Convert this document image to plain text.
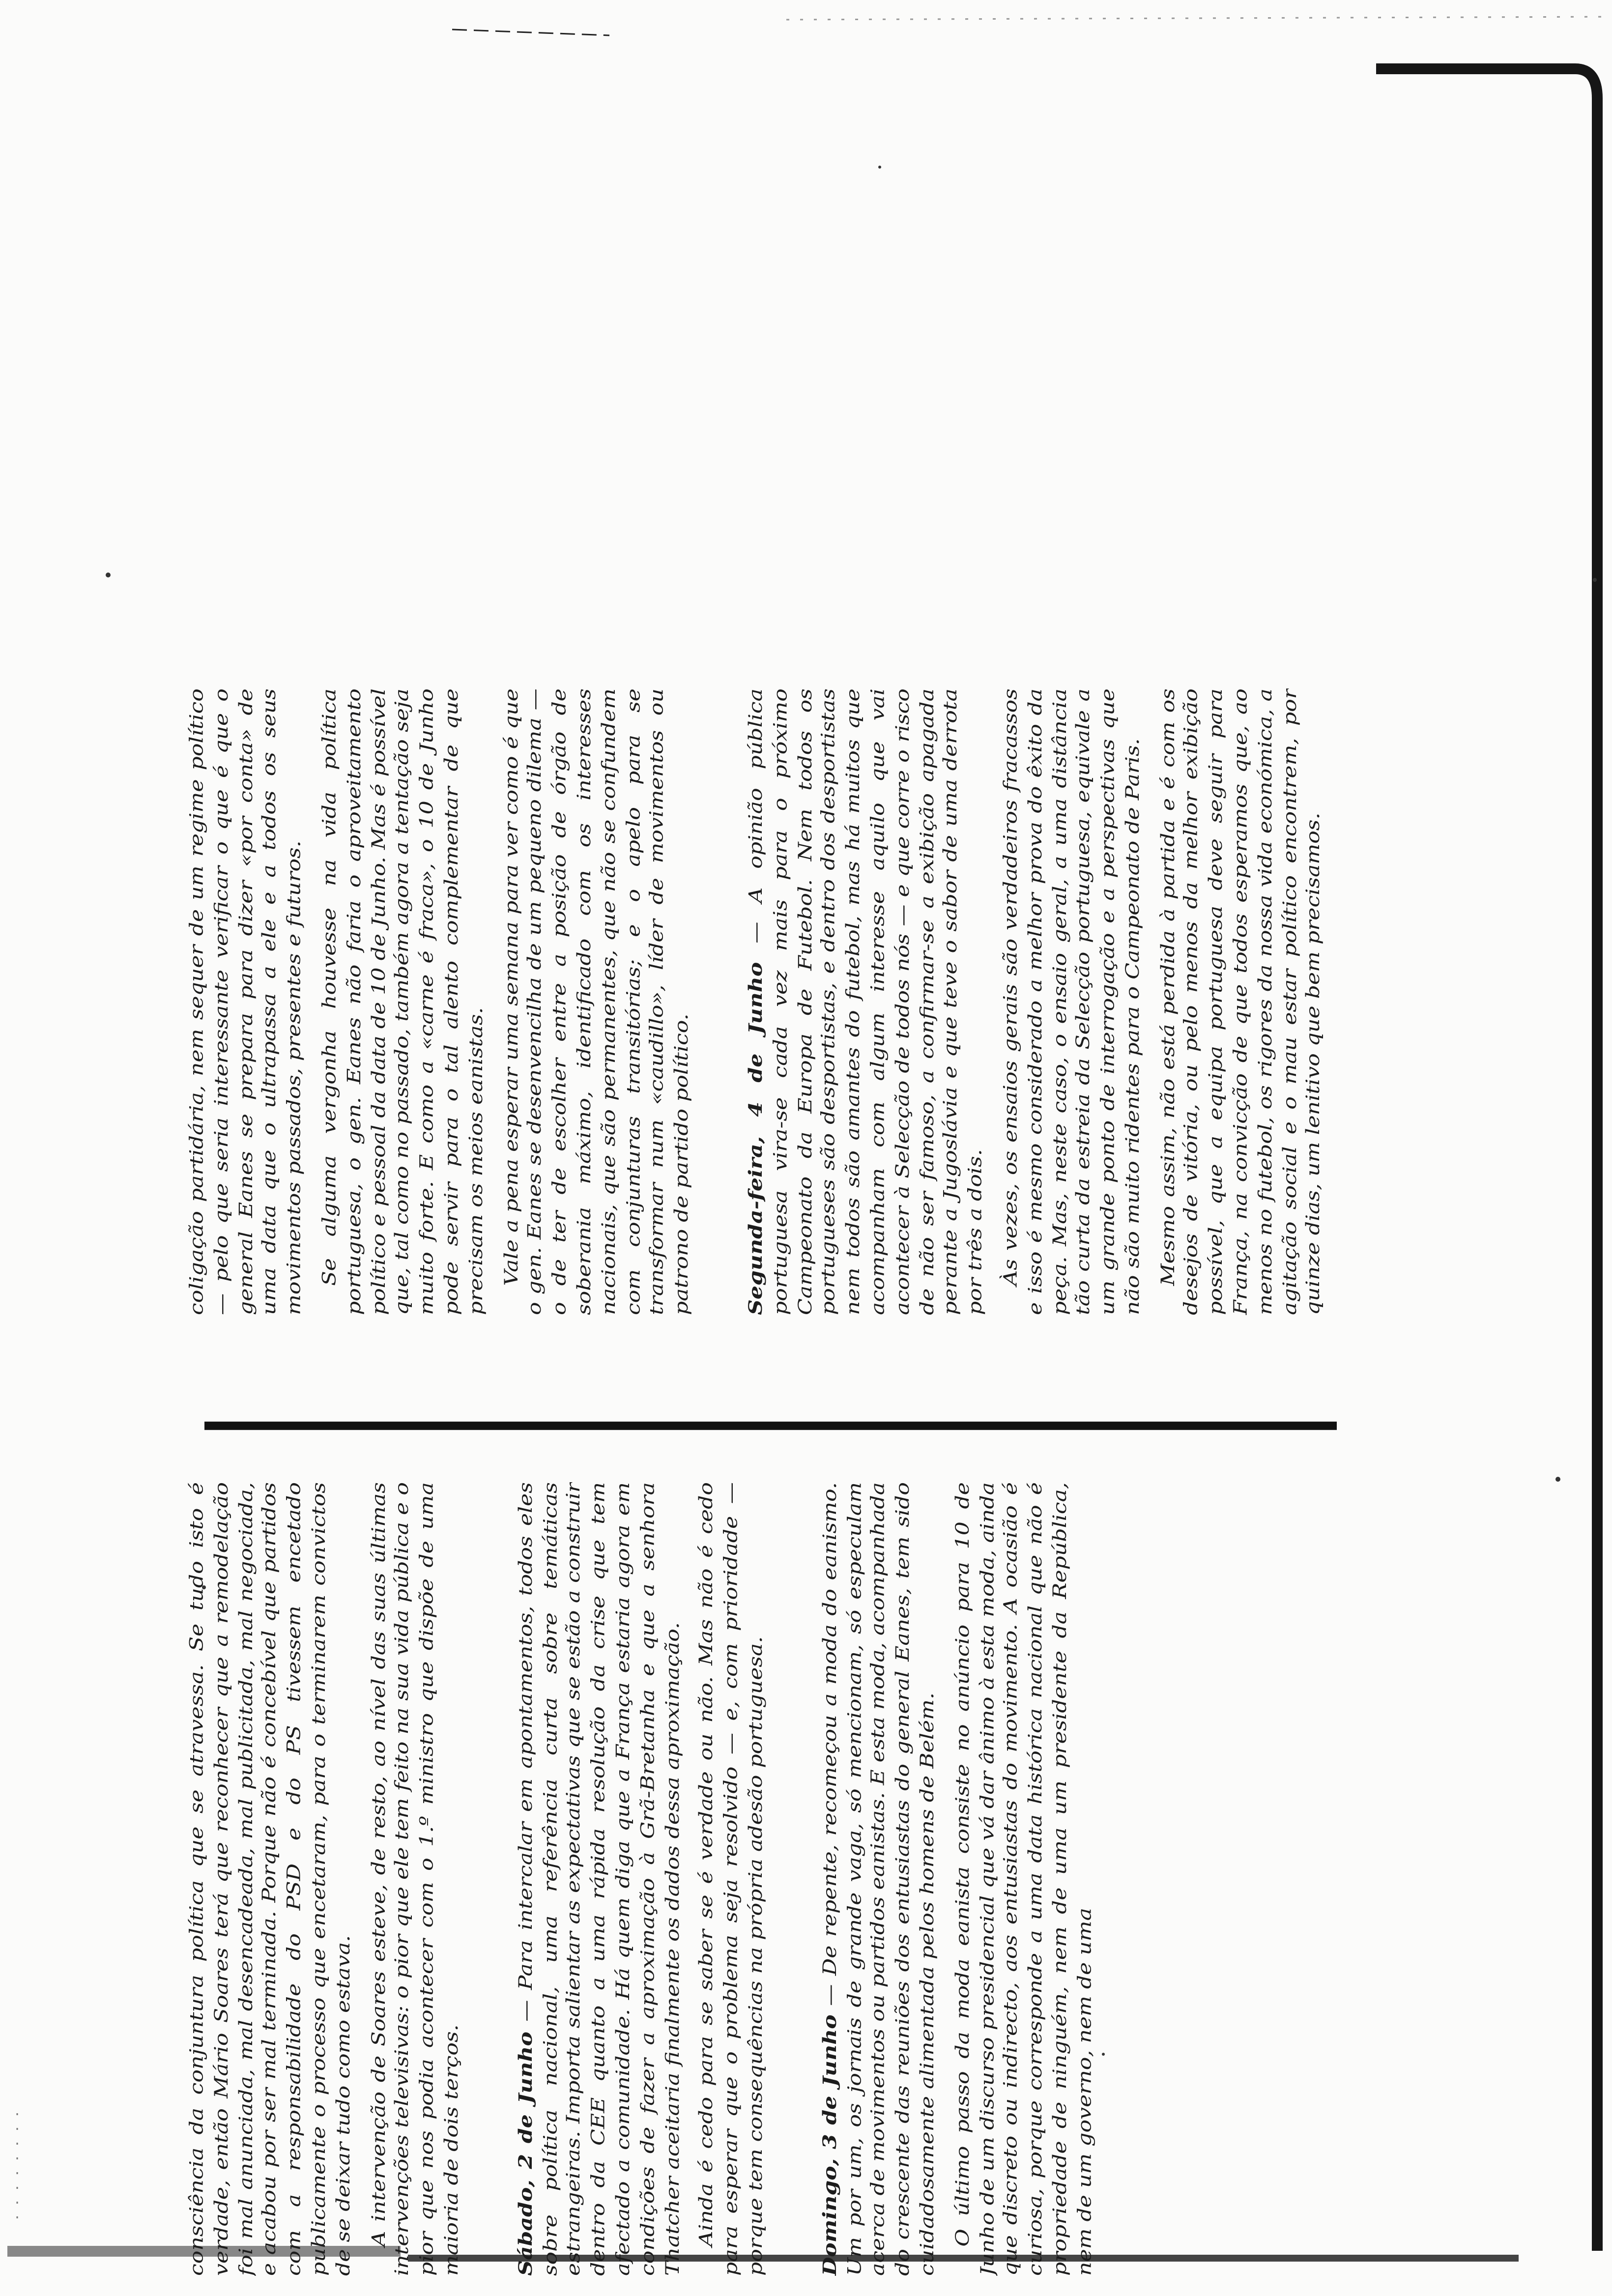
consciência da conjuntura política que se atravessa. Se tudo isto é verdade, então Mário Soares terá que reconhecer que a remodelação foi mal anunciada, mal desencadeada, mal publicitada, mal negociada, e acabou por ser mal terminada. Porque não é concebível que partidos com a responsabilidade do PSD e do PS tivessem encetado publicamente o processo que encetaram, para o terminarem convictos de se deixar tudo como estava.	A intervenção de Soares esteve, de resto, ao nível das suas últimas intervenções televisivas: o pior que ele tem feito na sua vida pública e o pior que nos podia acontecer com o 1.º ministro que dispõe de uma maioria de dois terços.	Sábado, 2 de Junho — Para intercalar em apontamentos, todos eles sobre política nacional, uma referência curta sobre temáticas estrangeiras. Importa salientar as expectativas que se estão a construir dentro da CEE quanto a uma rápida resolução da crise que tem afectado a comunidade. Há quem diga que a França estaria agora em condições de fazer a aproximação à Grã-Bretanha e que a senhora Thatcher aceitaria finalmente os dados dessa aproximação.	Ainda é cedo para se saber se é verdade ou não. Mas não é cedo para esperar que o problema seja resolvido — e, com prioridade — porque tem consequências na própria adesão portuguesa.	Domingo, 3 de Junho — De repente, recomeçou a moda do eanismo. Um por um, os jornais de grande vaga, só mencionam, só especulam acerca de movimentos ou partidos eanistas. E esta moda, acompanhada do crescente das reuniões dos entusiastas do general Eanes, tem sido cuidadosamente alimentada pelos homens de Belém.	O último passo da moda eanista consiste no anúncio para 10 de Junho de um discurso presidencial que vá dar ânimo à esta moda, ainda que discreto ou indirecto, aos entusiastas do movimento. A ocasião é curiosa, porque corresponde a uma data histórica nacional que não é propriedade de ninguém, nem de uma um presidente da República, nem de um governo, nem de uma

coligação partidária, nem sequer de um regime político — pelo que seria interessante verificar o que é que o general Eanes se prepara para dizer «por conta» de uma data que o ultrapassa a ele e a todos os seus movimentos passados, presentes e futuros.	Se alguma vergonha houvesse na vida política portuguesa, o gen. Eanes não faria o aproveitamento político e pessoal da data de 10 de Junho. Mas é possível que, tal como no passado, também agora a tentação seja muito forte. E como a «carne é fraca», o 10 de Junho pode servir para o tal alento complementar de que precisam os meios eanistas.	Vale a pena esperar uma semana para ver como é que o gen. Eanes se desenvencilha de um pequeno dilema — o de ter de escolher entre a posição de órgão de soberania máximo, identificado com os interesses nacionais, que são permanentes, que não se confundem com conjunturas transitórias; e o apelo para se transformar num «caudillo», líder de movimentos ou patrono de partido político.	Segunda-feira, 4 de Junho — A opinião pública portuguesa vira-se cada vez mais para o próximo Campeonato da Europa de Futebol. Nem todos os portugueses são desportistas, e dentro dos desportistas nem todos são amantes do futebol, mas há muitos que acompanham com algum interesse aquilo que vai acontecer à Selecção de todos nós — e que corre o risco de não ser famoso, a confirmar-se a exibição apagada perante a Jugoslávia e que teve o sabor de uma derrota por três a dois.	Às vezes, os ensaios gerais são verdadeiros fracassos e isso é mesmo considerado a melhor prova do êxito da peça. Mas, neste caso, o ensaio geral, a uma distância tão curta da estreia da Selecção portuguesa, equivale a um grande ponto de interrogação e a perspectivas que não são muito ridentes para o Campeonato de Paris.	Mesmo assim, não está perdida à partida e é com os desejos de vitória, ou pelo menos da melhor exibição possível, que a equipa portuguesa deve seguir para França, na convicção de que todos esperamos que, ao menos no futebol, os rigores da nossa vida económica, a agitação social e o mau estar político encontrem, por quinze dias, um lenitivo que bem precisamos.
